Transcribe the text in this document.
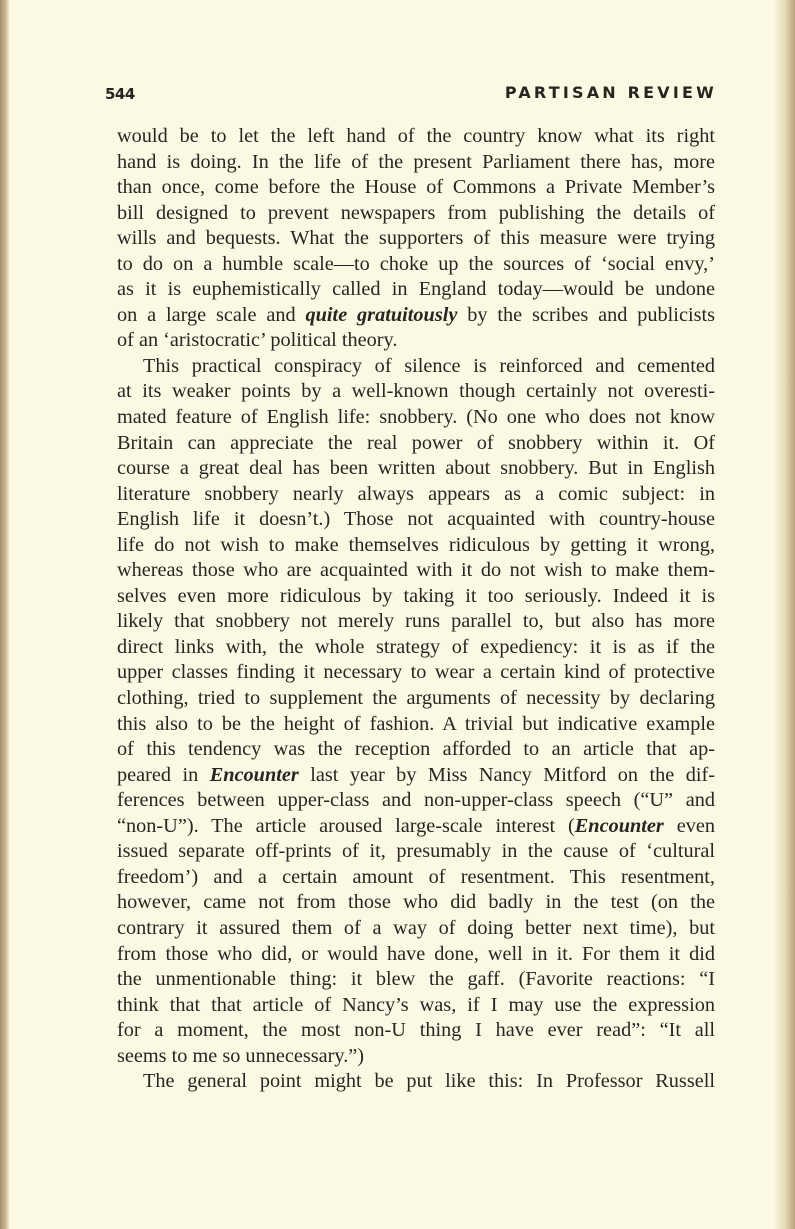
544	PARTISAN REVIEW
would be to let the left hand of the country know what its right
hand is doing. In the life of the present Parliament there has, more
than once, come before the House of Commons a Private Member’s
bill designed to prevent newspapers from publishing the details of
wills and bequests. What the supporters of this measure were trying
to do on a humble scale—to choke up the sources of ‘social envy,’
as it is euphemistically called in England today—would be undone
on a large scale and quite gratuitously by the scribes and publicists
of an ‘aristocratic’ political theory.
This practical conspiracy of silence is reinforced and cemented
at its weaker points by a well-known though certainly not overesti-
mated feature of English life: snobbery. (No one who does not know
Britain can appreciate the real power of snobbery within it. Of
course a great deal has been written about snobbery. But in English
literature snobbery nearly always appears as a comic subject: in
English life it doesn’t.) Those not acquainted with country-house
life do not wish to make themselves ridiculous by getting it wrong,
whereas those who are acquainted with it do not wish to make them-
selves even more ridiculous by taking it too seriously. Indeed it is
likely that snobbery not merely runs parallel to, but also has more
direct links with, the whole strategy of expediency: it is as if the
upper classes finding it necessary to wear a certain kind of protective
clothing, tried to supplement the arguments of necessity by declaring
this also to be the height of fashion. A trivial but indicative example
of this tendency was the reception afforded to an article that ap-
peared in Encounter last year by Miss Nancy Mitford on the dif-
ferences between upper-class and non-upper-class speech (“U” and
“non-U”). The article aroused large-scale interest (Encounter even
issued separate off-prints of it, presumably in the cause of ‘cultural
freedom’) and a certain amount of resentment. This resentment,
however, came not from those who did badly in the test (on the
contrary it assured them of a way of doing better next time), but
from those who did, or would have done, well in it. For them it did
the unmentionable thing: it blew the gaff. (Favorite reactions: “I
think that that article of Nancy’s was, if I may use the expression
for a moment, the most non-U thing I have ever read”: “It all
seems to me so unnecessary.”)
The general point might be put like this: In Professor Russell
